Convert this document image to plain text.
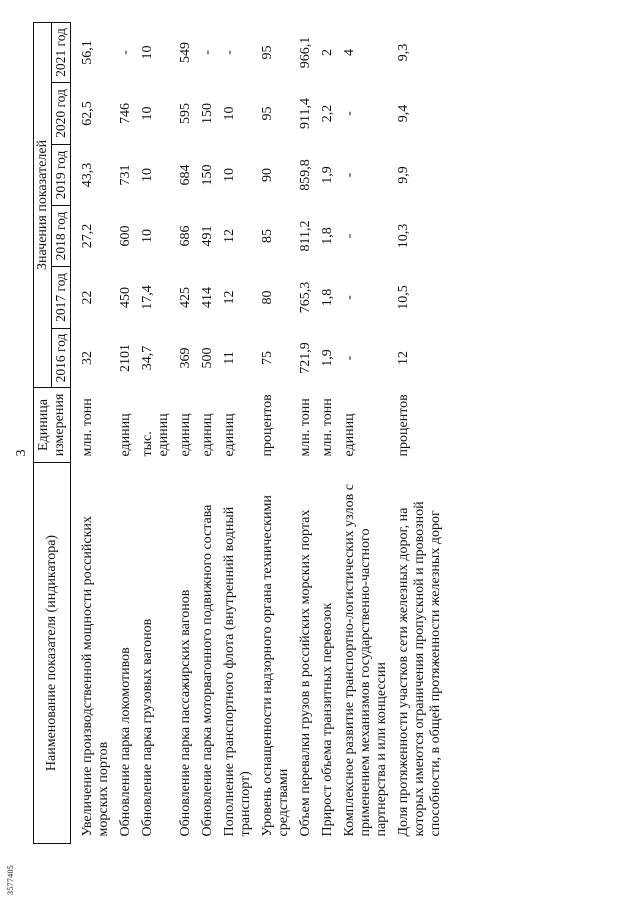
3577405
3
Наименование показателя (индикатора)	Единица измерения	Значения показателей					
		2016 год	2017 год	2018 год	2019 год	2020 год	2021 год
Увеличение производственной мощности российских морских портов	млн. тонн	32	22	27,2	43,3	62,5	56,1
Обновление парка локомотивов	единиц	2101	450	600	731	746	-
Обновление парка грузовых вагонов	тыс. единиц	34,7	17,4	10	10	10	10
Обновление парка пассажирских вагонов	единиц	369	425	686	684	595	549
Обновление парка моторвагонного подвижного состава	единиц	500	414	491	150	150	-
Пополнение транспортного флота (внутренний водный транспорт)	единиц	11	12	12	10	10	-
Уровень оснащенности надзорного органа техническими средствами	процентов	75	80	85	90	95	95
Объем перевалки грузов в российских морских портах	млн. тонн	721,9	765,3	811,2	859,8	911,4	966,1
Прирост объема транзитных перевозок	млн. тонн	1,9	1,8	1,8	1,9	2,2	2
Комплексное развитие транспортно-логистических узлов с применением механизмов государственно-частного партнерства и или концессии	единиц	-	-	-	-	-	4
Доля протяженности участков сети железных дорог, на которых имеются ограничения пропускной и провозной способности, в общей протяженности железных дорог	процентов	12	10,5	10,3	9,9	9,4	9,3
